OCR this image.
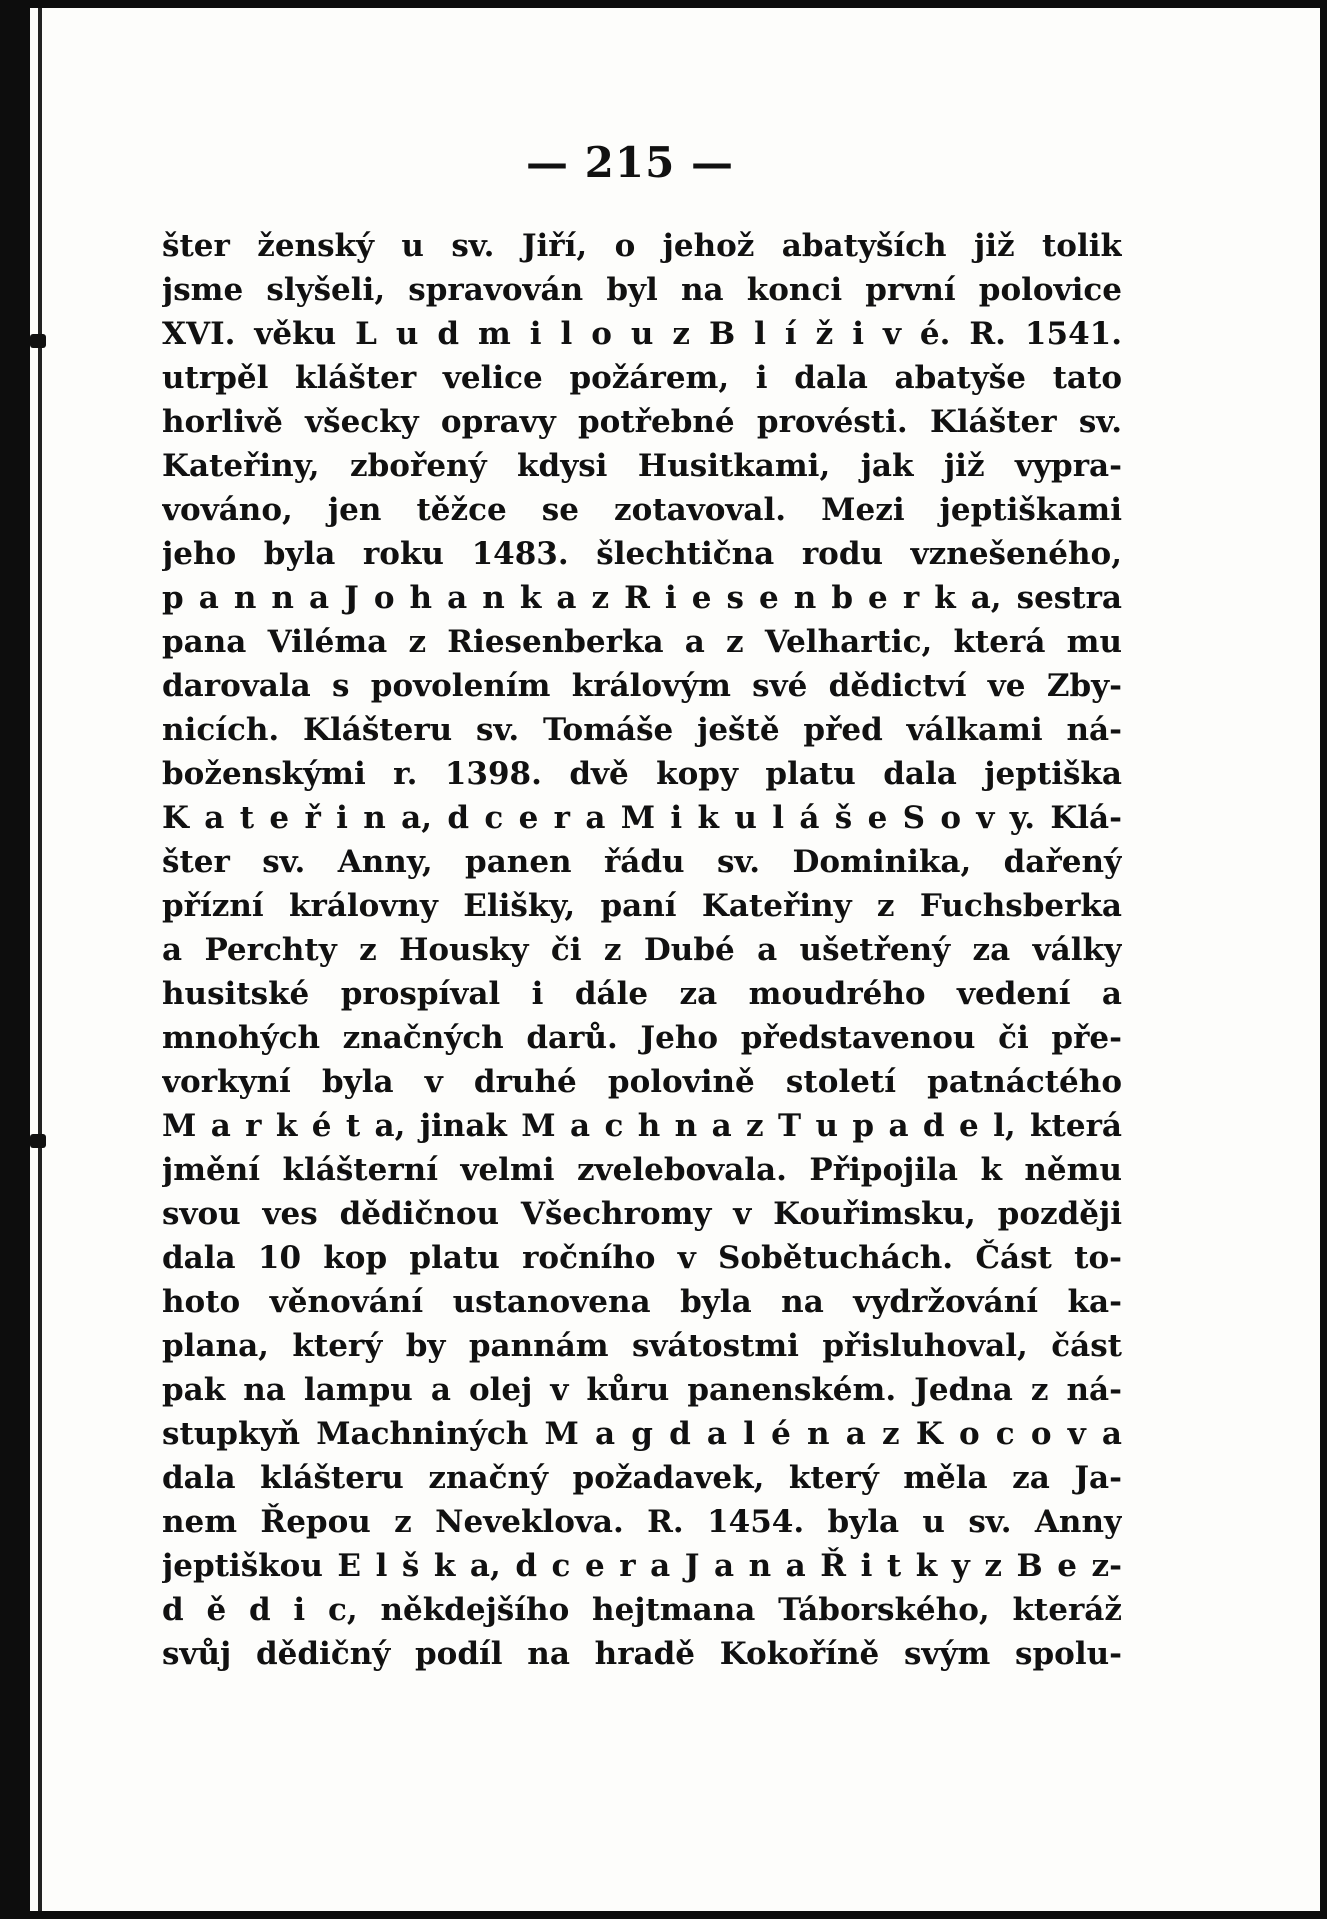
— 215 —
šter ženský u sv. Jiří, o jehož abatyších již tolik
jsme slyšeli, spravován byl na konci první polovice
XVI. věku L u d m i l o u z B l í ž i v é. R. 1541.
utrpěl klášter velice požárem, i dala abatyše tato
horlivě všecky opravy potřebné provésti. Klášter sv.
Kateřiny, zbořený kdysi Husitkami, jak již vypra-
vováno, jen těžce se zotavoval. Mezi jeptiškami
jeho byla roku 1483. šlechtična rodu vznešeného,
p a n n a J o h a n k a z R i e s e n b e r k a, sestra
pana Viléma z Riesenberka a z Velhartic, která mu
darovala s povolením královým své dědictví ve Zby-
nicích. Klášteru sv. Tomáše ještě před válkami ná-
boženskými r. 1398. dvě kopy platu dala jeptiška
K a t e ř i n a, d c e r a M i k u l á š e S o v y. Klá-
šter sv. Anny, panen řádu sv. Dominika, dařený
přízní královny Elišky, paní Kateřiny z Fuchsberka
a Perchty z Housky či z Dubé a ušetřený za války
husitské prospíval i dále za moudrého vedení a
mnohých značných darů. Jeho představenou či pře-
vorkyní byla v druhé polovině století patnáctého
M a r k é t a, jinak M a c h n a z T u p a d e l, která
jmění klášterní velmi zvelebovala. Připojila k němu
svou ves dědičnou Všechromy v Kouřimsku, později
dala 10 kop platu ročního v Sobětuchách. Část to-
hoto věnování ustanovena byla na vydržování ka-
plana, který by pannám svátostmi přisluhoval, část
pak na lampu a olej v kůru panenském. Jedna z ná-
stupkyň Machniných M a g d a l é n a z K o c o v a
dala klášteru značný požadavek, který měla za Ja-
nem Řepou z Neveklova. R. 1454. byla u sv. Anny
jeptiškou E l š k a, d c e r a J a n a Ř i t k y z B e z-
d ě d i c, někdejšího hejtmana Táborského, kteráž
svůj dědičný podíl na hradě Kokoříně svým spolu-
